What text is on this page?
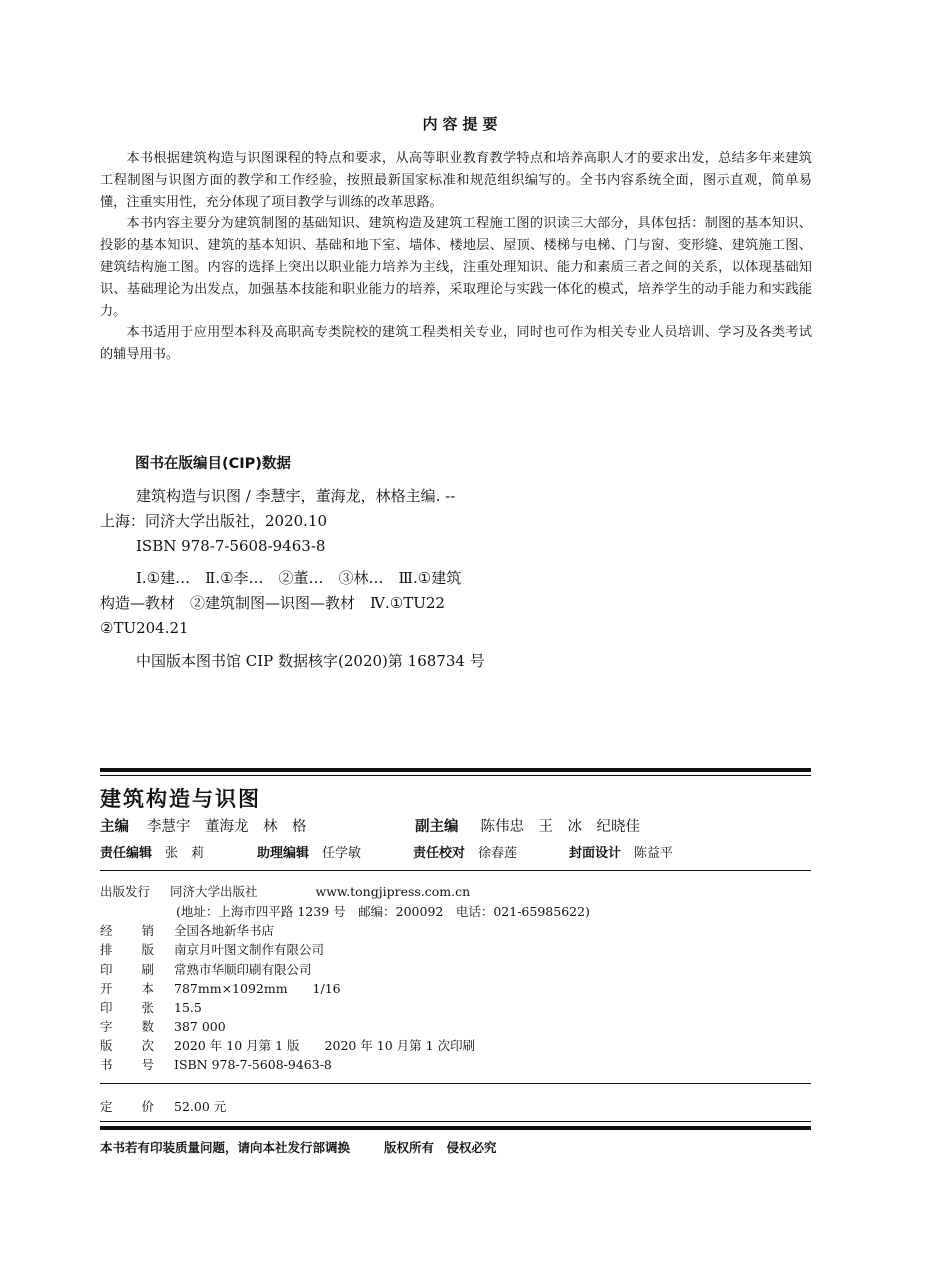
内容提要

本书根据建筑构造与识图课程的特点和要求，从高等职业教育教学特点和培养高职人才的要求出发，总结多年来建筑工程制图与识图方面的教学和工作经验，按照最新国家标准和规范组织编写的。全书内容系统全面，图示直观，简单易懂，注重实用性，充分体现了项目教学与训练的改革思路。

本书内容主要分为建筑制图的基础知识、建筑构造及建筑工程施工图的识读三大部分，具体包括：制图的基本知识、投影的基本知识、建筑的基本知识、基础和地下室、墙体、楼地层、屋顶、楼梯与电梯、门与窗、变形缝、建筑施工图、建筑结构施工图。内容的选择上突出以职业能力培养为主线，注重处理知识、能力和素质三者之间的关系，以体现基础知识、基础理论为出发点，加强基本技能和职业能力的培养，采取理论与实践一体化的模式，培养学生的动手能力和实践能力。

本书适用于应用型本科及高职高专类院校的建筑工程类相关专业，同时也可作为相关专业人员培训、学习及各类考试的辅导用书。

图书在版编目(CIP)数据
建筑构造与识图 / 李慧宇，董海龙，林格主编. --
上海：同济大学出版社，2020.10
ISBN 978-7-5608-9463-8
Ⅰ.①建…　Ⅱ.①李…　②董…　③林…　Ⅲ.①建筑
构造—教材　②建筑制图—识图—教材　Ⅳ.①TU22
②TU204.21
中国版本图书馆 CIP 数据核字(2020)第 168734 号
建筑构造与识图
主编 李慧宇　董海龙　林　格	副主编 陈伟忠　王　冰　纪晓佳
责任编辑　 张　莉	助理编辑　 任学敏	责任校对　 徐春莲	封面设计　 陈益平
出版发行 同济大学出版社	www.tongjipress.com.cn
(地址：上海市四平路 1239 号　邮编：200092　电话：021-65985622)
经销 全国各地新华书店
排版 南京月叶图文制作有限公司
印刷 常熟市华顺印刷有限公司
开本 787mm×1092mm　　1/16
印张 15.5
字数 387 000
版次 2020 年 10 月第 1 版　　2020 年 10 月第 1 次印刷
书号 ISBN 978-7-5608-9463-8
定价 52.00 元
本书若有印装质量问题，请向本社发行部调换	版权所有　侵权必究
